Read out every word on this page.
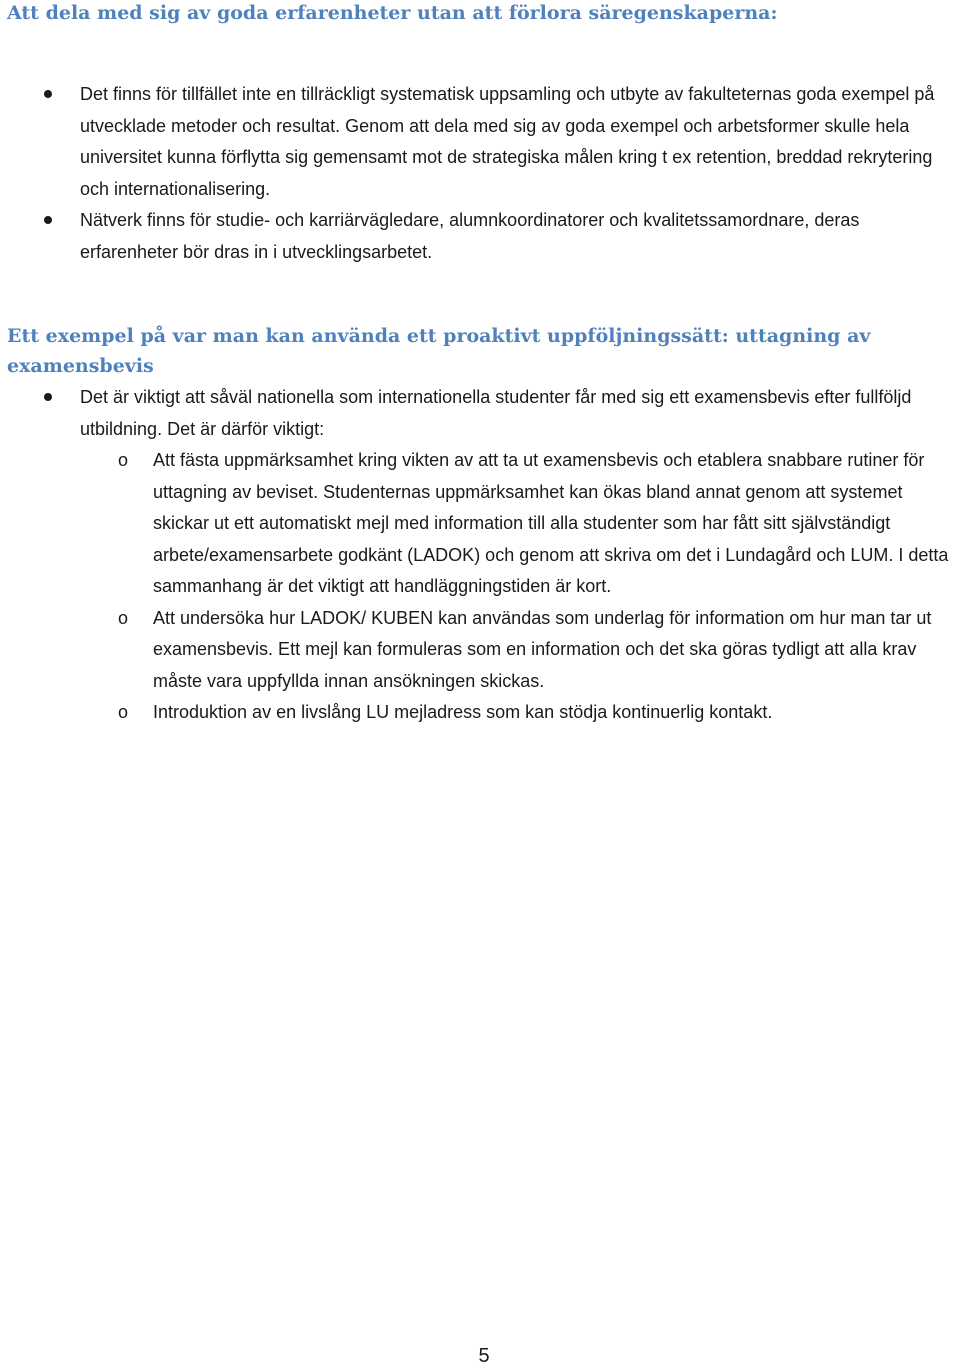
Att dela med sig av goda erfarenheter utan att förlora säregenskaperna:
Det finns för tillfället inte en tillräckligt systematisk uppsamling och utbyte av fakulteternas goda exempel på utvecklade metoder och resultat. Genom att dela med sig av goda exempel och arbetsformer skulle hela universitet kunna förflytta sig gemensamt mot de strategiska målen kring t ex retention, breddad rekrytering och internationalisering.
Nätverk finns för studie- och karriärvägledare, alumnkoordinatorer och kvalitetssamordnare, deras erfarenheter bör dras in i utvecklingsarbetet.
Ett exempel på var man kan använda ett proaktivt uppföljningssätt: uttagning av examensbevis
Det är viktigt att såväl nationella som internationella studenter får med sig ett examensbevis efter fullföljd utbildning. Det är därför viktigt:
o Att fästa uppmärksamhet kring vikten av att ta ut examensbevis och etablera snabbare rutiner för uttagning av beviset. Studenternas uppmärksamhet kan ökas bland annat genom att systemet skickar ut ett automatiskt mejl med information till alla studenter som har fått sitt självständigt arbete/examensarbete godkänt (LADOK) och genom att skriva om det i Lundagård och LUM. I detta sammanhang är det viktigt att handläggningstiden är kort.
o Att undersöka hur LADOK/ KUBEN kan användas som underlag för information om hur man tar ut examensbevis. Ett mejl kan formuleras som en information och det ska göras tydligt att alla krav måste vara uppfyllda innan ansökningen skickas.
o Introduktion av en livslång LU mejladress som kan stödja kontinuerlig kontakt.
5
